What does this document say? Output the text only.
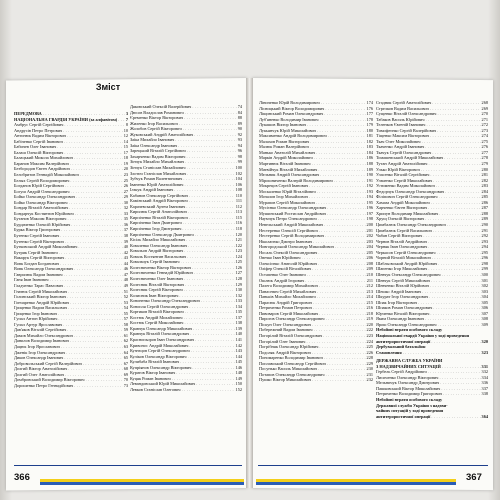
Зміст
ПЕРЕДМОВА . . .	3
НАЦІОНАЛЬНА ГВАРДІЯ УКРАЇНИ (за алфавітом) . . . 7
Амбрус Сергій Сергійович . . .	8
Андрусів Петро Петрович . . .	10
Антонюк Вадим Вікторович . . .	12
Бабіченко Сергій Іванович . . .	14
Бабичев Олег Іванович . . .	15
Балаш Олексій Вікторович . . .	17
Балацький Микола Михайлович . . .	18
Баранов Максим Валерійович . . .	19
Безбородов Євген Андрійович . . .	20
Белобритов Геннадій Миколайович . . .	23
Белых Сергій Володимирович . . .	25
Богданов Юрій Сергійович . . .	26
Богуш Андрій Олександрович . . .	27
Бойко Олександр Олександрович . . .	29
Бойко Олександр Вікторович . . .	30
Бондар Віталій Анатолійович . . .	32
Бондарчук Костянтин Юрійович . . .	33
Бутанов Максим Вікторович . . .	35
Бурдаченко Олексій Юрійович . . .	36
Бурка Віктор Григорович . . .	37
Бутенко Сергій Іванович . . .	38
Бутенко Сергій Вікторович . . .	39
Бутковський Андрій Миколайович . . .	40
Бутрик Сергій Іванович . . .	42
Вакарук Сергій Вікторович . . .	43
Вовк Богдан Богданович . . .	44
Вовк Олександр Олександрович . . .	46
Гаврилюк Вадим Іванович . . .	47
Ганя Іван Іванович . . .	48
Гладченко Тарас Павлович . . .	49
Гнатюк Сергій Миколайович . . .	51
Голинський Віктор Іванович . . .	52
Гончаренко Андрій Юрійович . . .	53
Гриценко Вадим Васильович . . .	54
Гриценко Ігор Іванович . . .	55
Гупал Антон Юрійович . . .	57
Гупал Артур Ярославович . . .	58
Дав'яков Віталій Сергійович . . .	59
Дамов Михайло Олександрович . . .	61
Данилов Володимир Іванович . . .	62
Дацюк Ігор Ярославович . . .	63
Дженік Ігор Олександрович . . .	64
Диков Олександр Іванович . . .	65
Добровольський Сергій Валерійович . . .	67
Долгий Віктор Анатолійович . . .	68
Долгий Олег Анатолійович . . .	69
Домбровський Володимир Вікторович . . .	70
Дорошенко Петро Геннадійович . . .	73
Дяковський Олексій Валерійович . . .	74
Дюсов Владислав Романович . . .	84
Єременко Віктор Вікторович . . .	88
Жиленко Ігор Васильович . . .	89
Жолобов Сергій Вікторович . . .	90
Жуковський Андрій Анатолійович . . .	92
Заїка Михайло Іванович . . .	93
Заїка Олександр Іванович . . .	94
Зарецький Віталій Сергійович . . .	96
Захарченко Вадим Вікторович . . .	98
Зінчук Михайло Михайлович . . .	99
Зінчук Станіслав Михайлович . . .	100
Злотич Станіслав Михайлович . . .	102
Зубчук Роман Валентинович . . .	104
Іваненко Юрій Анатолійович . . .	106
Ільчук Андрій Іванович . . .	108
Кабанов Олександр Сергійович . . .	110
Камінський Андрій Вікторович . . .	111
Карачевський Артем Іванович . . .	112
Кирилюк Сергій Анатолійович . . .	113
Кирпіченко Віталій Вікторович . . .	115
Кирпіченко Іван Дмитрович . . .	116
Кирпіченко Ігор Дмитрович . . .	118
Кирпіченко Олександр Дмитрович . . .	120
Кісіль Михайло Миколайович . . .	121
Коваленко Олександр Іванович . . .	122
Ковальов Андрій Вікторович . . .	123
Коваль Костянтин Васильович . . .	124
Ковальчук Сергій Іванович . . .	125
Колесниченко Віктор Вікторович . . .	126
Колесниченко Геннадій Юрійович . . .	127
Колесниченко Олег Іванович . . .	128
Колесник Віталій Вікторович . . .	129
Колесник Сергій Вікторович . . .	130
Колисник Іван Вікторович . . .	132
Кононенко Олександр Олександрович . . .	133
Конопля Сергій Олександрович . . .	134
Кортиков Віталій Вікторович . . .	135
Костюк Андрій Михайлович . . .	137
Костюк Сергій Миколайович . . .	138
Кравчук Олександр Миколайович . . .	139
Кравчук Віталій Олександрович . . .	140
Краснопьоров Іван Олександрович . . .	141
Кривонос Андрій Миколайович . . .	142
Кузнєцов Сергій Олександрович . . .	143
Куліков Олександр Вікторович . . .	144
Кулибаба Віталій Іванович . . .	145
Купріянов Олександр Вікторович . . .	146
Куратов Віктор Іванович . . .	148
Куцяк Роман Іванович . . .	149
Левандовський Юрій Миколайович . . .	150
Левков Станіслав Олегович . . .	152
Ліниченко Юрій Володимирович . . .	174
Лісницький Віктор Володимирович . . .	176
Ліщинський Роман Олександрович . . .	177
Луб'яненко Володимир Іванович . . .	178
Лукашов Віктор Іванович . . .	179
Лукьянчук Юрій Миколайович . . .	180
Максименко Андрій Володимирович . . .	181
Малахов Роман Вікторович . . .	182
Малюк Роман Валерійович . . .	183
Манько Анатолій Михайлович . . .	184
Марків Андрій Миколайович . . .	186
Мартинюк Віталій Іванович . . .	188
Матвійчук Віталій Михайлович . . .	189
Мельник Андрій Олександрович . . .	190
Мірошниченко Валерій Володимирович . . .	191
Мокрецов Сергій Іванович . . .	192
Москаленко Юрій Віталійович . . .	193
Мочалов Ігор Михайлович . . .	194
Мурапов Сергій Миколайович . . .	195
Мусієнко Олександр Олександрович . . .	196
Мушинський Ростислав Андрійович . . .	197
Наумчук Петро Олександрович . . .	198
Невельський Андрій Миколайович . . .	200
Нестеренко Олексій Сергійович . . .	201
Нестеренко Сергій Володимирович . . .	202
Ніколаєнко Дмитро Іванович . . .	203
Новгородський Олександр Миколайович . . .	204
Носаль Олексій Олександрович . . .	205
Овечко Іван Юрійович . . .	206
Олексієнко Анатолій Юрійович . . .	208
Оліфер Олексій Віталійович . . .	209
Остапенко Олег Іванович . . .	210
Ошлюк Андрій Ігорович . . .	211
Палега Володимир Михайлович . . .	212
Панасевич Сергій Михайлович . . .	213
Паньків Михайло Михайлович . . .	214
Парасюк Андрій Григорович . . .	215
Петриченко Роман Петрович . . .	216
Пивоваров Сергій Миколайович . . .	218
Пирогов Олександр Олександрович . . .	219
Піскун Олег Олександрович . . .	220
Побережний Вадим Іванович . . .	222
Погорілий Віталій Олександрович . . .	223
Погорілий Олег Іванович . . .	224
Погрібняк Олександр Юрійович . . .	225
Подоляк Андрій Вікторович . . .	226
Пономаренко Володимир Іванович . . .	228
Поплавський Олександр Сергійович . . .	229
Посунько Василь Миколайович . . .	230
Потапов Олександр Олександрович . . .	231
Пушко Віктор Миколайович . . .	232
Стадник Сергій Анатолійович . . .	268
Стрелков Вадим Васильович . . .	269
Сущенко Віталій Олександрович . . .	270
Табаков Василь Юрійович . . .	271
Теленков Євгеній Іванович . . .	272
Тимофеєнко Сергій Валерійович . . .	273
Тіщенко Максим Вікторович . . .	274
Ткач Олег Миколайович . . .	275
Ткаченко Андрій Іванович . . .	276
Ткачук Сергій Олександрович . . .	277
Томашевський Андрій Миколайович . . .	278
Тутан Андрій Анатолійович . . .	279
Улько Юрій Вікторович . . .	280
Уласенко Віталій Сергійович . . .	281
Ульченко Сергій Миколайович . . .	282
Устименко Вадим Миколайович . . .	283
Федорчук Олександр Олександрович . . .	284
Філіпович Сергій Олександрович . . .	285
Хамаза Андрій Миколайович . . .	286
Харченко Євген Вікторович . . .	287
Хрипун Володимир Миколайович . . .	288
Хрущ Олексій Вікторович . . .	289
Цимбалюк Олександр Олександрович . . .	290
Цимбалюк Сергій Васильович . . .	291
Чабан Сергій Вікторович . . .	292
Чернов Віталій Андрійович . . .	293
Черняк Іван Олександрович . . .	294
Черкасов Сергій Олександрович . . .	295
Чорний Віталій Миколайович . . .	296
Шабльовський Андрій Юрійович . . .	298
Шапенко Ігор Миколайович . . .	299
Шевчук Олександр Олександрович . . .	300
Шевчук Сергій Миколайович . . .	301
Шевченко Віталій Юрійович . . .	302
Шешко Андрій Іванович . . .	303
Шкурат Ігор Олександрович . . .	304
Шпак Ігор Вікторович . . .	305
Шпаков Роман Олександрович . . .	306
Юрченко Віталій Вікторович . . .	307
Яким Олександр Іванович . . .	308
Ярош Олександр Олександрович . . .	309
Небойові втрати особового складу
Національної гвардії України у ході проведення
антитерористичної операції . . .	320
Дербувальний батальйон
Становлення . . .	323
ДЕРЖАВНА СЛУЖБА УКРАЇНИ
З НАДЗВИЧАЙНИХ СИТУАЦІЙ . . .	331
Гербель Сергій Андрійович . . .	332
Лисиченко Олександр Вікторович . . .	334
Мельничук Олександр Дмитрович . . .	336
Пашковський Віктор Миколайович . . .	337
Петриченко Володимир Григорович . . .	338
Небойові втрати особового складу
Державної служби України з надзви-
чайних ситуацій у ході проведення
антитерористичної операції . . .	364
366	367
